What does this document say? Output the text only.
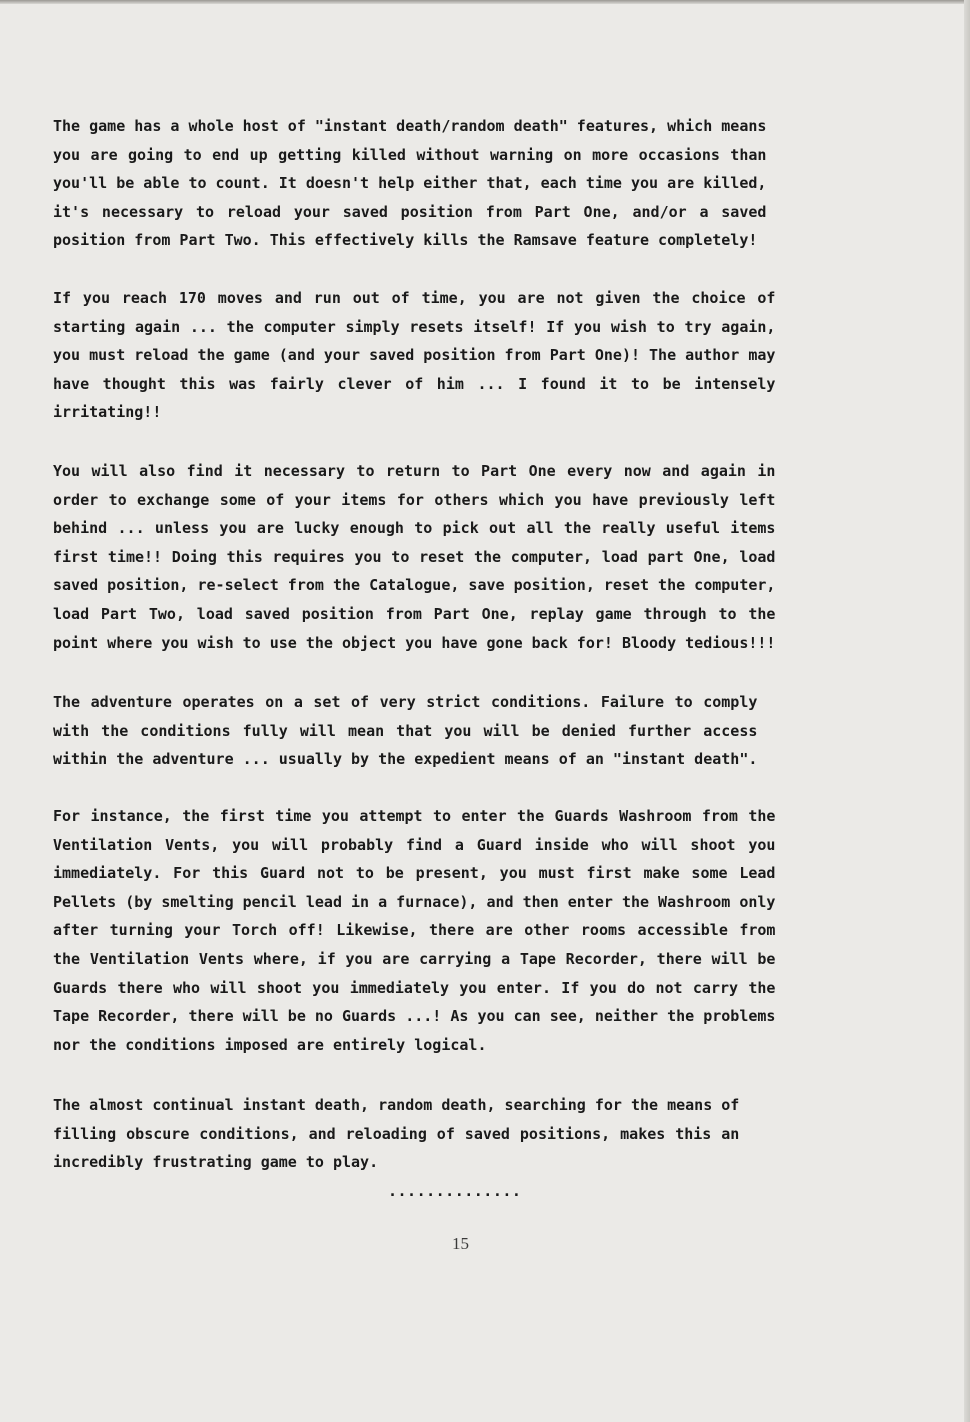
The game has a whole host of "instant death/random death" features, which means
you are going to end up getting killed without warning on more occasions than
you'll be able to count. It doesn't help either that, each time you are killed,
it's necessary to reload your saved position from Part One, and/or a saved
position from Part Two. This effectively kills the Ramsave feature completely!
If you reach 170 moves and run out of time, you are not given the choice of
starting again ... the computer simply resets itself! If you wish to try again,
you must reload the game (and your saved position from Part One)! The author may
have thought this was fairly clever of him ... I found it to be intensely
irritating!!
You will also find it necessary to return to Part One every now and again in
order to exchange some of your items for others which you have previously left
behind ... unless you are lucky enough to pick out all the really useful items
first time!! Doing this requires you to reset the computer, load part One, load
saved position, re-select from the Catalogue, save position, reset the computer,
load Part Two, load saved position from Part One, replay game through to the
point where you wish to use the object you have gone back for! Bloody tedious!!!
The adventure operates on a set of very strict conditions. Failure to comply
with the conditions fully will mean that you will be denied further access
within the adventure ... usually by the expedient means of an "instant death".
For instance, the first time you attempt to enter the Guards Washroom from the
Ventilation Vents, you will probably find a Guard inside who will shoot you
immediately. For this Guard not to be present, you must first make some Lead
Pellets (by smelting pencil lead in a furnace), and then enter the Washroom only
after turning your Torch off! Likewise, there are other rooms accessible from
the Ventilation Vents where, if you are carrying a Tape Recorder, there will be
Guards there who will shoot you immediately you enter. If you do not carry the
Tape Recorder, there will be no Guards ...! As you can see, neither the problems
nor the conditions imposed are entirely logical.
The almost continual instant death, random death, searching for the means of
filling obscure conditions, and reloading of saved positions, makes this an
incredibly frustrating game to play.
..............
15
